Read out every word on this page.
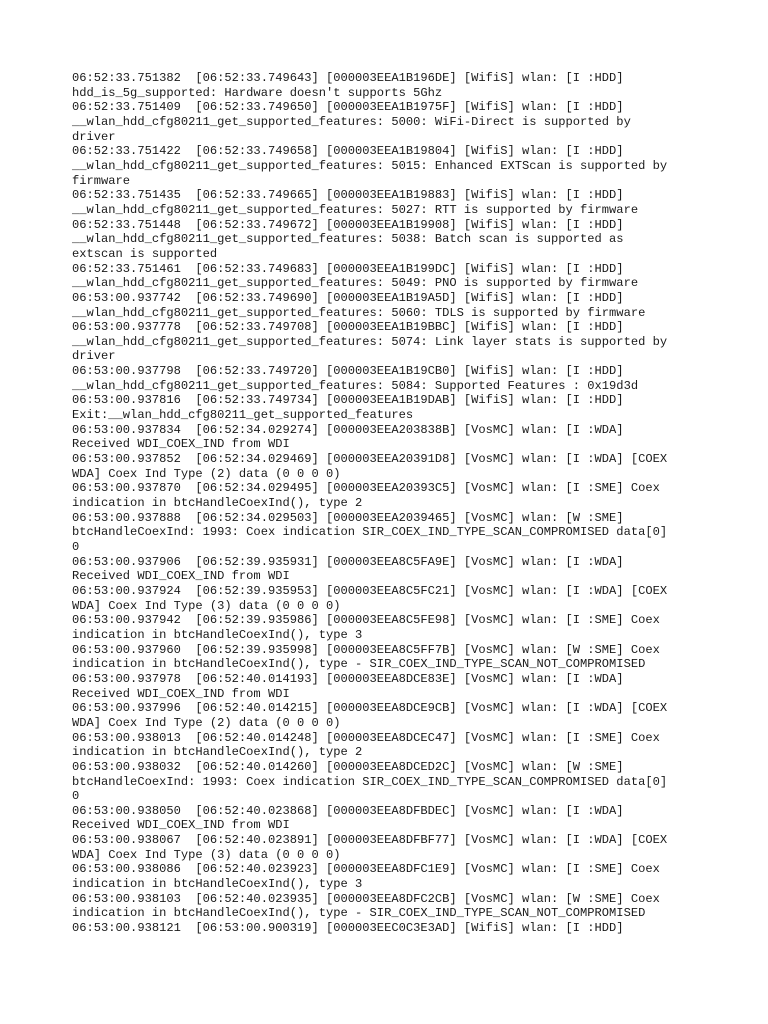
06:52:33.751382  [06:52:33.749643] [000003EEA1B196DE] [WifiS] wlan: [I :HDD]
hdd_is_5g_supported: Hardware doesn't supports 5Ghz
06:52:33.751409  [06:52:33.749650] [000003EEA1B1975F] [WifiS] wlan: [I :HDD]
__wlan_hdd_cfg80211_get_supported_features: 5000: WiFi-Direct is supported by
driver
06:52:33.751422  [06:52:33.749658] [000003EEA1B19804] [WifiS] wlan: [I :HDD]
__wlan_hdd_cfg80211_get_supported_features: 5015: Enhanced EXTScan is supported by
firmware
06:52:33.751435  [06:52:33.749665] [000003EEA1B19883] [WifiS] wlan: [I :HDD]
__wlan_hdd_cfg80211_get_supported_features: 5027: RTT is supported by firmware
06:52:33.751448  [06:52:33.749672] [000003EEA1B19908] [WifiS] wlan: [I :HDD]
__wlan_hdd_cfg80211_get_supported_features: 5038: Batch scan is supported as
extscan is supported
06:52:33.751461  [06:52:33.749683] [000003EEA1B199DC] [WifiS] wlan: [I :HDD]
__wlan_hdd_cfg80211_get_supported_features: 5049: PNO is supported by firmware
06:53:00.937742  [06:52:33.749690] [000003EEA1B19A5D] [WifiS] wlan: [I :HDD]
__wlan_hdd_cfg80211_get_supported_features: 5060: TDLS is supported by firmware
06:53:00.937778  [06:52:33.749708] [000003EEA1B19BBC] [WifiS] wlan: [I :HDD]
__wlan_hdd_cfg80211_get_supported_features: 5074: Link layer stats is supported by
driver
06:53:00.937798  [06:52:33.749720] [000003EEA1B19CB0] [WifiS] wlan: [I :HDD]
__wlan_hdd_cfg80211_get_supported_features: 5084: Supported Features : 0x19d3d
06:53:00.937816  [06:52:33.749734] [000003EEA1B19DAB] [WifiS] wlan: [I :HDD]
Exit:__wlan_hdd_cfg80211_get_supported_features
06:53:00.937834  [06:52:34.029274] [000003EEA203838B] [VosMC] wlan: [I :WDA]
Received WDI_COEX_IND from WDI
06:53:00.937852  [06:52:34.029469] [000003EEA20391D8] [VosMC] wlan: [I :WDA] [COEX
WDA] Coex Ind Type (2) data (0 0 0 0)
06:53:00.937870  [06:52:34.029495] [000003EEA20393C5] [VosMC] wlan: [I :SME] Coex
indication in btcHandleCoexInd(), type 2
06:53:00.937888  [06:52:34.029503] [000003EEA2039465] [VosMC] wlan: [W :SME]
btcHandleCoexInd: 1993: Coex indication SIR_COEX_IND_TYPE_SCAN_COMPROMISED data[0]
0
06:53:00.937906  [06:52:39.935931] [000003EEA8C5FA9E] [VosMC] wlan: [I :WDA]
Received WDI_COEX_IND from WDI
06:53:00.937924  [06:52:39.935953] [000003EEA8C5FC21] [VosMC] wlan: [I :WDA] [COEX
WDA] Coex Ind Type (3) data (0 0 0 0)
06:53:00.937942  [06:52:39.935986] [000003EEA8C5FE98] [VosMC] wlan: [I :SME] Coex
indication in btcHandleCoexInd(), type 3
06:53:00.937960  [06:52:39.935998] [000003EEA8C5FF7B] [VosMC] wlan: [W :SME] Coex
indication in btcHandleCoexInd(), type - SIR_COEX_IND_TYPE_SCAN_NOT_COMPROMISED
06:53:00.937978  [06:52:40.014193] [000003EEA8DCE83E] [VosMC] wlan: [I :WDA]
Received WDI_COEX_IND from WDI
06:53:00.937996  [06:52:40.014215] [000003EEA8DCE9CB] [VosMC] wlan: [I :WDA] [COEX
WDA] Coex Ind Type (2) data (0 0 0 0)
06:53:00.938013  [06:52:40.014248] [000003EEA8DCEC47] [VosMC] wlan: [I :SME] Coex
indication in btcHandleCoexInd(), type 2
06:53:00.938032  [06:52:40.014260] [000003EEA8DCED2C] [VosMC] wlan: [W :SME]
btcHandleCoexInd: 1993: Coex indication SIR_COEX_IND_TYPE_SCAN_COMPROMISED data[0]
0
06:53:00.938050  [06:52:40.023868] [000003EEA8DFBDEC] [VosMC] wlan: [I :WDA]
Received WDI_COEX_IND from WDI
06:53:00.938067  [06:52:40.023891] [000003EEA8DFBF77] [VosMC] wlan: [I :WDA] [COEX
WDA] Coex Ind Type (3) data (0 0 0 0)
06:53:00.938086  [06:52:40.023923] [000003EEA8DFC1E9] [VosMC] wlan: [I :SME] Coex
indication in btcHandleCoexInd(), type 3
06:53:00.938103  [06:52:40.023935] [000003EEA8DFC2CB] [VosMC] wlan: [W :SME] Coex
indication in btcHandleCoexInd(), type - SIR_COEX_IND_TYPE_SCAN_NOT_COMPROMISED
06:53:00.938121  [06:53:00.900319] [000003EEC0C3E3AD] [WifiS] wlan: [I :HDD]
